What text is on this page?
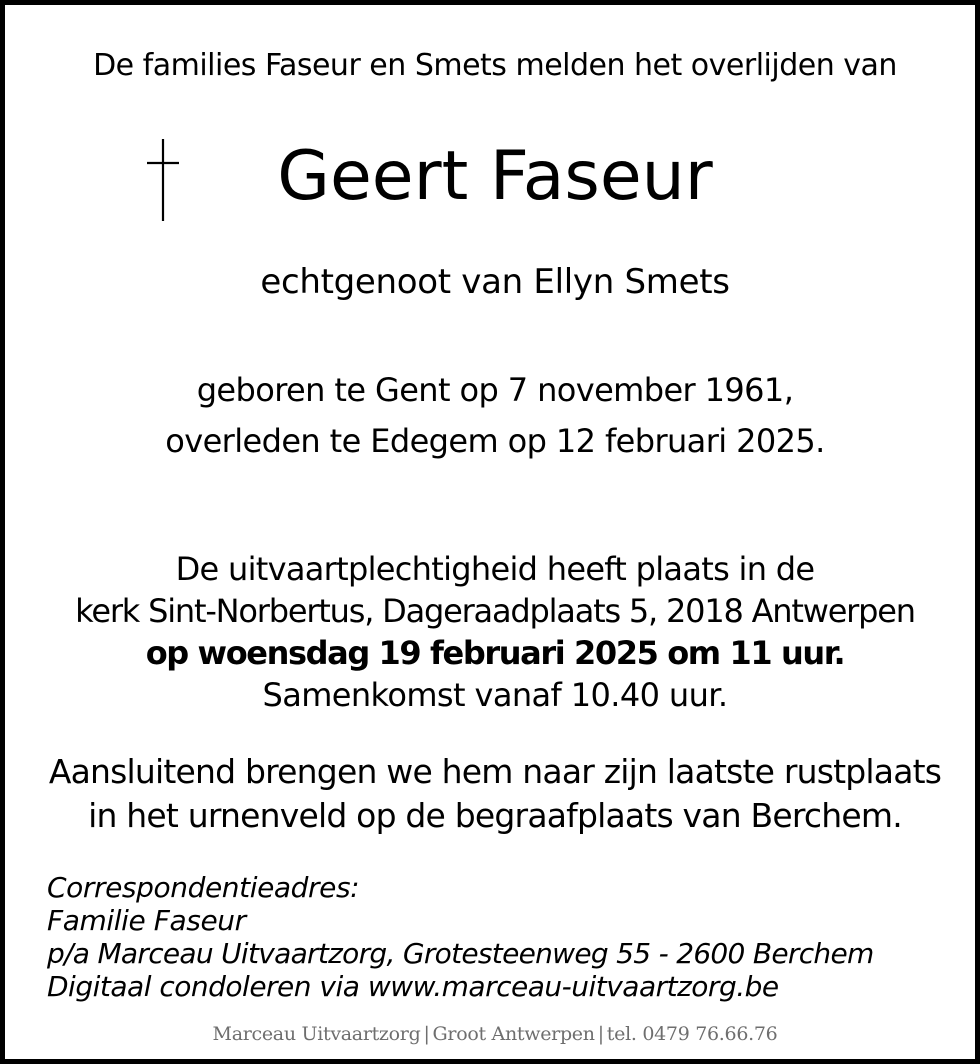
De families Faseur en Smets melden het overlijden van
Geert Faseur
echtgenoot van Ellyn Smets
geboren te Gent op 7 november 1961,
overleden te Edegem op 12 februari 2025.
De uitvaartplechtigheid heeft plaats in de
kerk Sint-Norbertus, Dageraadplaats 5, 2018 Antwerpen
op woensdag 19 februari 2025 om 11 uur.
Samenkomst vanaf 10.40 uur.
Aansluitend brengen we hem naar zijn laatste rustplaats
in het urnenveld op de begraafplaats van Berchem.
Correspondentieadres:
Familie Faseur
p/a Marceau Uitvaartzorg, Grotesteenweg 55 - 2600 Berchem
Digitaal condoleren via www.marceau-uitvaartzorg.be
Marceau Uitvaartzorg | Groot Antwerpen | tel. 0479 76.66.76
